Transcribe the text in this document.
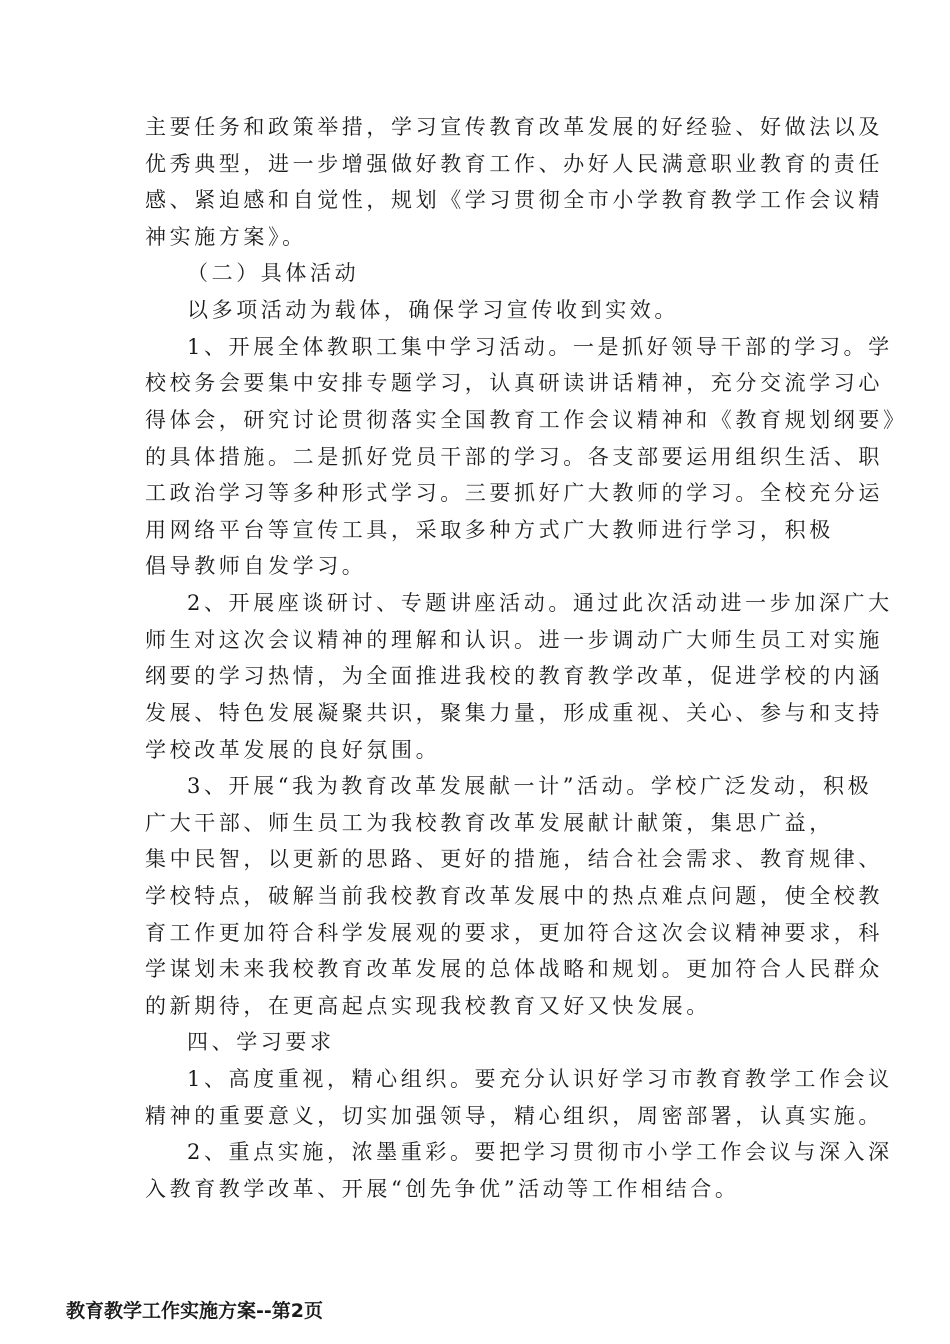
主要任务和政策举措，学习宣传教育改革发展的好经验、好做法以及
优秀典型，进一步增强做好教育工作、办好人民满意职业教育的责任
感、紧迫感和自觉性，规划《学习贯彻全市小学教育教学工作会议精
神实施方案》。
（二）具体活动
以多项活动为载体，确保学习宣传收到实效。
1、开展全体教职工集中学习活动。一是抓好领导干部的学习。学
校校务会要集中安排专题学习，认真研读讲话精神，充分交流学习心
得体会，研究讨论贯彻落实全国教育工作会议精神和《教育规划纲要》
的具体措施。二是抓好党员干部的学习。各支部要运用组织生活、职
工政治学习等多种形式学习。三要抓好广大教师的学习。全校充分运
用网络平台等宣传工具，采取多种方式广大教师进行学习，积极
倡导教师自发学习。
2、开展座谈研讨、专题讲座活动。通过此次活动进一步加深广大
师生对这次会议精神的理解和认识。进一步调动广大师生员工对实施
纲要的学习热情，为全面推进我校的教育教学改革，促进学校的内涵
发展、特色发展凝聚共识，聚集力量，形成重视、关心、参与和支持
学校改革发展的良好氛围。
3、开展“我为教育改革发展献一计”活动。学校广泛发动，积极
广大干部、师生员工为我校教育改革发展献计献策，集思广益，
集中民智，以更新的思路、更好的措施，结合社会需求、教育规律、
学校特点，破解当前我校教育改革发展中的热点难点问题，使全校教
育工作更加符合科学发展观的要求，更加符合这次会议精神要求，科
学谋划未来我校教育改革发展的总体战略和规划。更加符合人民群众
的新期待，在更高起点实现我校教育又好又快发展。
四、学习要求
1、高度重视，精心组织。要充分认识好学习市教育教学工作会议
精神的重要意义，切实加强领导，精心组织，周密部署，认真实施。
2、重点实施，浓墨重彩。要把学习贯彻市小学工作会议与深入深
入教育教学改革、开展“创先争优”活动等工作相结合。
教育教学工作实施方案--第2页
